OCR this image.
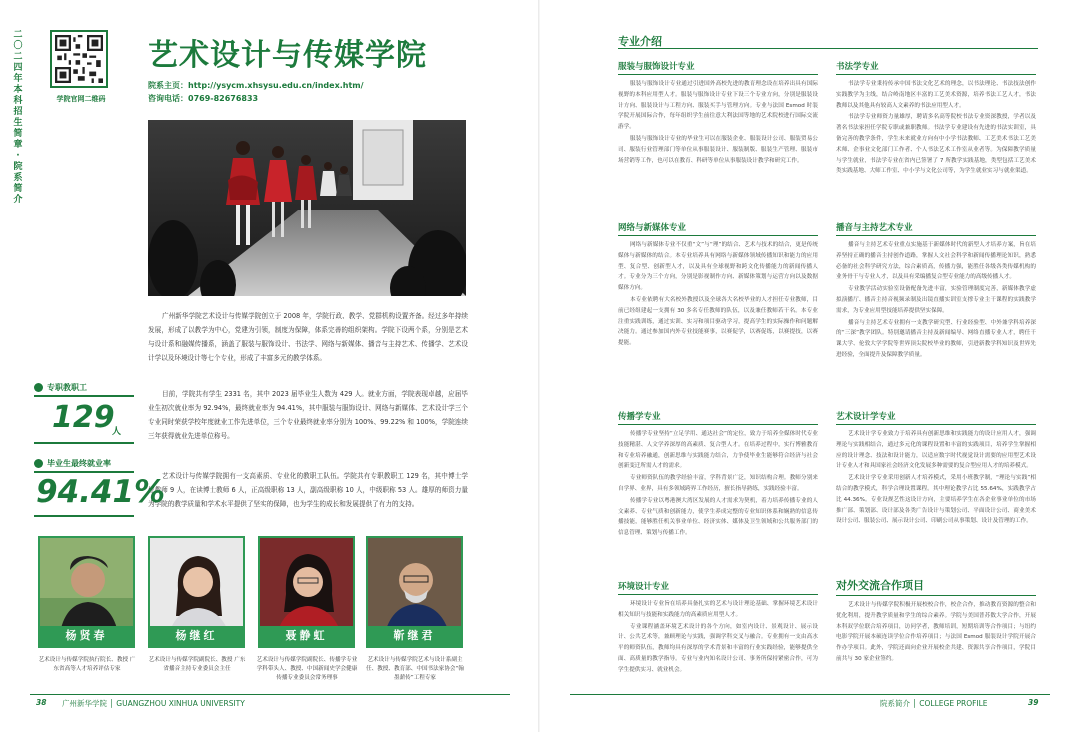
二〇二四年本科招生简章·院系简介
学院官网二维码
艺术设计与传媒学院
院系主页：http://ysycm.xhsysu.edu.cn/index.htm/
咨询电话：0769-82676833
广州新华学院艺术设计与传媒学院创立于 2008 年，学院行政、教学、党群机构设置齐备。经过多年持续发展，形成了以教学为中心，党建为引领，制度为保障，体系完善的组织架构。学院下设两个系，分别是艺术与设计系和融媒传播系，涵盖了服装与服饰设计、书法学、网络与新媒体、播音与主持艺术、传播学、艺术设计学以及环境设计等七个专业，形成了丰富多元的教学体系。
目前，学院共有学生 2331 名，其中 2023 届毕业生人数为 429 人。就业方面，学院表现卓越，应届毕业生初次就业率为 92.94%，最终就业率为 94.41%，其中服装与服饰设计、网络与新媒体、艺术设计学三个专业同时荣获学校年度就业工作先进单位，三个专业最终就业率分别为 100%、99.22% 和 100%，学院连续三年获得就业先进单位称号。
艺术设计与传媒学院拥有一支高素质、专业化的教职工队伍。学院共有专职教职工 129 名，其中博士学位教师 9 人，在读博士教师 6 人，正高级职称 13 人，副高级职称 10 人，中级职称 53 人。雄厚的师资力量为学院的教学质量和学术水平提供了坚实的保障，也为学生的成长和发展提供了有力的支持。
专职教职工
129
人
毕业生最终就业率
94.41%
杨贤春	杨继红	聂静虹	靳继君
艺术设计与传媒学院执行院长、教授 广东省高等人才培养评估专家
艺术设计与传媒学院副院长、教授 广东省播音主持专业委员会主任
艺术设计与传媒学院副院长、传播学专业学科带头人、教授、中国新闻史学会健康传播专业委员会常务理事
艺术设计与传媒学院艺术与设计系副主任、教授、教育部、中国书法家协会“翰墨薪传”工程专家
38 广州新华学院 │ GUANGZHOU XINHUA UNIVERSITY
专业介绍
服装与服饰设计专业

服装与服饰设计专业通过引进国外高校先进的教育理念设在培养出具有国际视野的本科应用型人才。服装与服饰设计专业下设三个专业方向，分别是服装设计方向、服装设计与工程方向、服装买手与管理方向。专业与法国 Esmod 时装学院开展国际合作，每年组织学生前往意大利法国等地的艺术院校进行国际交流游学。

服装与服饰设计专业的毕业生可以在服装企业、服装设计公司、服装贸易公司、服装行业管理部门等单位从事服装设计、服装制版、服装生产管理、服装市场营销等工作，也可以在教育、科研等单位从事服装设计教学和研究工作。

书法学专业

书法学专业秉持传承中国书法文化艺术的理念，以书法理论、书法技法创作实践教学为主线，结合岭南地区丰富的工艺美术资源，培养书法工艺人才，书法教师以及其他具有较高人文素养的书法应用型人才。

书法学专业师资力量雄厚，聘请多名高等院校书法专业资深教授，学者以及著名书法家担任学院专职或兼职教师。书法学专业建设有先进的书法实训室，具备完善的教学条件，学生未来就业方向有中小学书法教师、工艺美术书法工艺美术师、企事业文化部门工作者、个人书法艺术工作室从业者等。为保障教学质量与学生就业，书法学专业在省内已签署了 7 所教学实践基地，类型包括工艺美术类实践基地、大师工作室、中小学与文化公司等，为学生就业实习与就业渠道。

网络与新媒体专业

网络与新媒体专业不仅重“文”与“理”的结合、艺术与技术的结合，更是传统媒体与新媒体的结合。本专业培养具有网络与新媒体领域传播知识和能力的应用型、复合型、创新型人才，以及具有全球视野和跨文化传播能力的新闻传播人才。专业分为三个方向，分别是影视制作方向、新媒体策划与运营方向以及数据媒体方向。

本专业依聘有大名校外教授以及全球各大名校毕业的人才担任专业教师，目前已经组建起一支拥有 30 多名专任教师的队伍，以及兼任教师若干名。本专业注重实践训练，通过实训、实习和项目驱动学习，提高学生的实际操作和问题解决能力。通过参加国内外专业技能赛事，以赛促学，以赛促练，以赛提技，以赛提能。

播音与主持艺术专业

播音与主持艺术专业重点实施基于新媒体时代的新型人才培养方案，旨在培养坚持正确的播音主持创作道路，掌握人文社会科学和新闻传播理论知识，熟悉必备的社会科学研究方法，综合素质高，传播力强，能胜任各级各类传媒机构的业务骨干与专业人才，以及具有采编播复合型专业能力的高级传播人才。

专业教学活动实验室设备配备先进丰富，实验管理制度完善，新媒体教学虚拟演播厅、播音主持音视频录制及出镜直播实训室支撑专业主干课程的实践教学需求，为专业应用型技能培养提供坚实保障。

播音与主持艺术专业拥有一支教学研究型、行业经验型、中外兼学科培养深的“三深”教学团队。特别邀请播音主持及新闻编导、网络直播专业人才，聘任干课大学、伦敦大学学院等世界顶尖院校毕业的教师，引进新教学科知识及世界先进经验，全面提升及保障教学质量。

传播学专业

传播学专业坚持“立足学用、通达社会”的定位，致力于培养全媒体时代专业技能精湛、人文学养深厚的高素质、复合型人才。在培养过程中，实行博雅教育和专业培养融通，创新思维与实践能力结合，力争使毕业生能够符合经济与社会创新变迁所需人才的需求。

专业师资队伍的教学经验丰富，学科背景广泛，知识结构合理。教师分别来自学界、业界，具有多领域跨界工作经历，擅长指导熟练，实践经验丰富。

传播学专业以粤港澳大湾区发展的人才需求为契机，着力培养传播专业的人文素养、专业气质和创新能力，使学生养成完整的专业知识体系和娴熟的信息传播技能，能够胜任机关事业单位、经济实体、媒体及卫生领域和公共服务部门的信息管理、策划与传播工作。

艺术设计学专业

艺术设计学专业致力于培养具有创新思维和实践能力的设计应用人才，强调理论与实践相结合，通过多元化的课程设置和丰富的实践项目，培养学生掌握相应的设计理念、技法和设计能力，以适应数字时代视觉设计需要的应用型艺术设计专业人才和具国家社会经济文化发展多种需要的复合型应用人才的培养模式。

艺术设计学专业采用创新人才培养模式，采用小班教学制，“理论与实践”相结合的教学模式，科学合理设置课程。其中理论教学占比 55.64%，实践教学占比 44.36%。专业设规艺性这设计方向，主要培养学生在各企业事业单位的市场推广部、策划部、设计部及各类广告设计与策划公司、平面设计公司、商业美术设计公司、服装公司、展示设计公司、印刷公司从事策划、设计及管理的工作。

环境设计专业

环境设计专业旨在培养具备扎实的艺术与设计理论基础、掌握环境艺术设计相关知识与技能和实践能力的高素质应用型人才。

专业课程涵盖环境艺术设计的各个方向，如室内设计、景观设计、展示设计、公共艺术等，兼顾理论与实践，强调学科交叉与融合。专业拥有一支由高水平的师资队伍，教师均具有深厚的学术背景和丰富的行业实践经验，能够提供全面、高质量的教学指导。专业与业内知名设计公司、事务所保持紧密合作，可为学生提供实习、就业机会。

对外交流合作项目

艺术设计与传媒学院积极开展校校合作，校企合作，推动教育资源的整合和优化利用，提升教学质量和学生的综合素养。学院与美国普苏数大学合作，开展本科双学位联合培养项目，访问学者，教师培训，短期培训等合作项目；与纽约电影学院开展本硕连读学位合作培养项目；与法国 Esmod 服装设计学院开展合作办学项目。此外，学院还面向企业开展校企共建、资源共享合作项目，学院目前共与 30 家企业签约。

院系简介 │ COLLEGE PROFILE	39
